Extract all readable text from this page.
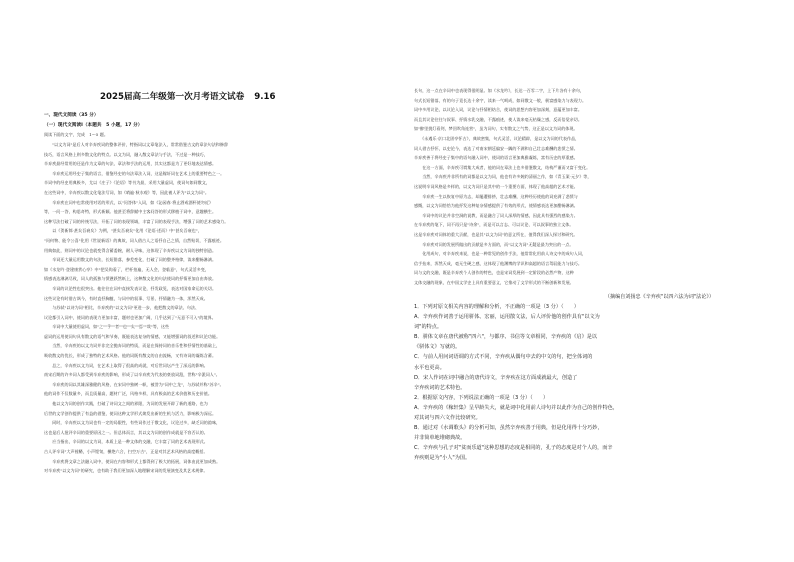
2025届高二年级第一次月考语文试卷 9.16
一、现代文阅读（35 分）
（一）现代文阅读Ⅰ（本题共　5 小题，17 分）
阅读下面的文字，完成　1～5 题。
　　"以文为词"是后人对辛弃疾词的整体评价，特指词以文章笔法入，常常借鉴古文的章法句法和修辞
技巧，语言风格上则多散文化的特点。以文为词，融入散文章法与手法，不过是一种技巧，
辛弃疾最经常用的还是作为文章的句法、章法和手法的运用，其实这都是为了更好地表达情感。
　　辛弃疾运用经史子集的语言，借鉴经史的句法章法入词，这是稼轩词在艺术上的重要特色之一。
辛词中的经史用典极多，尤以《庄子》《论语》等书为最，采用大量虚词，使词句如同散文，
在这些词中，辛弃疾以散文化笔法写词，如《哨遍·秋水观》等，因此被人评为"以文为词"。
　　辛弃疾在词中也常使用对话的形式，以"问答体"入词，如《沁园春·将止酒戒酒杯使勿近》
等，一问一答，构思奇特，形式新颖。他甚至将辞赋中主客问答的形式移植于词中，意趣横生。
这种写法打破了词的传统写法，开拓了词的表现领域，丰富了词的表现手法，增强了词的艺术感染力。
　　以《贺新郎·甚矣吾衰矣》为例，"甚矣吾衰矣"化用《论语·述而》中"甚矣吾衰也"，
"问何物、能令公喜"化用《世说新语》的典故，词人借古人之语抒自己之情，自然贴切，不露痕迹。
用典如此，则词中的议论也就变得含蓄委婉，耐人寻味，这体现了辛弃疾以文为词的独特创造。
　　辛词还大量运用散文的句法，长短错落，参差变化，打破了词的整齐格律，读来酣畅淋漓。
如《水龙吟·登建康赏心亭》中"把吴钩看了，栏杆拍遍，无人会，登临意"，句式灵活多变，
情感表达淋漓尽致，词人的孤独与愤懑跃然纸上，这种散文化的句法使词的抒情更加自由奔放。
　　辛词的议论性也很突出。他往往在词中直接发表议论，抒发政见，表达对国家命运的关切。
这些议论有时借古讽今，有时直抒胸臆，与词中的叙事、写景、抒情融为一体，浑然天成。
　　与苏轼"以诗为词"相比，辛弃疾的"以文为词"更进一步，他把散文的章法、句法、
议论都引入词中，使词的表现力更加丰富，题材也更加广阔，几乎达到了"无意不可入"的境界。
　　辛词中大量使用虚词，如"之""乎""者""也""矣""焉""哉"等，这些
虚词的运用使词句具有散文的语气和节奏，既能表达复杂的情感，又能增强词的叙述和议论功能。
　　当然，辛弃疾的以文为词并非完全抛弃词的特质，而是在保持词的音乐性和抒情性的基础上，
吸收散文的优长，形成了独特的艺术风格。他的词既有散文的自由流畅，又有诗词的凝练含蓄。
　　总之，辛弃疾以文为词，在艺术上取得了很高的成就，对后世词坛产生了深远的影响。
南宋后期的许多词人都受到辛弃疾的影响，形成了以辛弃疾为代表的豪放词派，世称"辛派词人"。
　　辛弃疾的词以其雄深雅健的风格，在宋词中独树一帜，被誉为"词中之龙"，与苏轼并称"苏辛"。
他的词作不仅数量多，而且质量高，题材广泛，风格多样，具有极高的艺术价值和历史价值。
　　他以文为词的创作实践，打破了诗词文之间的界限，为词的发展开辟了新的道路，也为
后世的文学创作提供了有益的借鉴，使词这种文学形式焕发出新的生机与活力，影响极为深远。
　　同时，辛弃疾以文为词也有一定的局限性，有些词作过于散文化，议论过多，缺乏词的韵味，
这也是后人批评辛词的重要原因之一。但总体而言，其以文为词的创作成就是不容否认的。
　　应当指出，辛词的以文为词，本质上是一种文体的交融，它丰富了词的艺术表现形式。
古人评辛词"大声镗鞳，小声铿訇，横绝六合，扫空万古"，正是对其艺术风格的高度概括。
　　辛弃疾将文章之法融入词中，使词在内容和形式上都得到了极大的拓展，词体由此更加成熟。
对辛弃疾"以文为词"的研究，也有助于我们更加深入地理解宋词的发展演变及其艺术规律。
长句，这一点在辛词中也表现得很明显。如《水龙吟》，长达一百零二字，上下片各有十余句，
句式长短错落，有的句子竟长达十余字，读来一气呵成，如同散文一般，极富感染力与表现力。
词中多用议论，以议论入词，议论与抒情相结合，使词的思想内容更加深刻，意蕴更加丰富。
而且其议论往往与叙事、抒情水乳交融，不露痕迹，使人读来毫无枯燥之感，反而倍觉亲切。
如"醉里挑灯看剑，梦回吹角连营"，虽为词句，实有散文之气势，这正是以文为词的体现。
　　《永遇乐·京口北固亭怀古》，典故密集，句式灵活，议论精辟，是以文为词的代表作品，
词人借古抒怀，以史论今，表达了对南宋朝廷偏安一隅的不满和自己壮志难酬的悲愤之情。
辛弃疾善于将经史子集中的语句融入词中，使词的语言更加典雅凝练，富有历史的厚重感。
　　在这一方面，辛弃疾可谓集大成者，他的词在章法上也多借鉴散文，结构严谨而又富于变化。
　　当然，辛弃疾并非所有的词都是以文为词，他也有许多婉约清丽之作，如《青玉案·元夕》等，
这说明辛词风格是多样的，以文为词只是其中的一个重要方面，体现了他高超的艺术才能。
　　辛弃疾一生以恢复中原为志，却屡遭排挤，壮志难酬，这种经历使他的词充满了悲愤与
感慨，以文为词恰恰为他抒发这种复杂情感提供了有效的形式，使情感表达更加酣畅淋漓。
　　辛词中的议论并非空洞的说教，而是融合了词人深厚的情感，因此具有强烈的感染力。
在辛弃疾的笔下，词不再只是"诗余"，而是可以言志、可以议论、可以叙事的独立文体。
这是辛弃疾对词体的重大贡献，也是其"以文为词"的意义所在，值得我们深入探讨和研究。
　　辛弃疾对词的发展所做出的贡献是多方面的，而"以文为词"无疑是最为突出的一点。
　　化用成句，对辛弃疾来说，也是一种常见的创作手法，他常常化用前人诗文中的成句入词，
信手拈来，浑然天成，毫无生硬之感，这体现了他渊博的学识和高超的语言驾驭能力与技巧。
词与文的交融，既是辛弃疾个人创作的特色，也是宋词发展到一定阶段的必然产物，这种
文体交融的现象，在中国文学史上具有重要意义，它推动了文学形式的不断创新和发展。
（摘编自刘扬忠《辛弃疾"以四六法为词"法论》）
1．下列对原文相关内容的理解和分析，不正确的一项是（3 分）（　　）
A．辛弃疾作词善于运用骈体、宏丽，运用散文法，后人评价他的创作具有"以文为
词"的特点。
B．骈体文章在唐代被称"四六"，与都序、书信等文章相同，辛弃疾的《启》是以
《骈体文》写就的。
C．与前人用问词语调的方式不同，辛弃疾从偶句中去的中文的句，把全体词的
水平也更高。
D．宋人作词在词中融合的唐代诗文，辛弃疾在这方面成就最大，创造了
辛弃疾词的艺术特色。
2．根据原文内容，下列说法正确的一项是（3 分）（　　）
A．辛弃疾的《稼轩集》呈早龄失大，就是词中化用前人诗句并以此作为自己的创作特色，
对其词与四六文作比较研究。
B．通过对《水调歌头》的分析可知，虽然辛弃疾善于用典，但是化用得十分巧妙，
并非简单地堆砌典故。
C．辛弃疾与孔子对"贫而乐道"这种思想的态度是相同的，孔子的态度是对个人的，而辛
弃疾则是为"小人"为国。
